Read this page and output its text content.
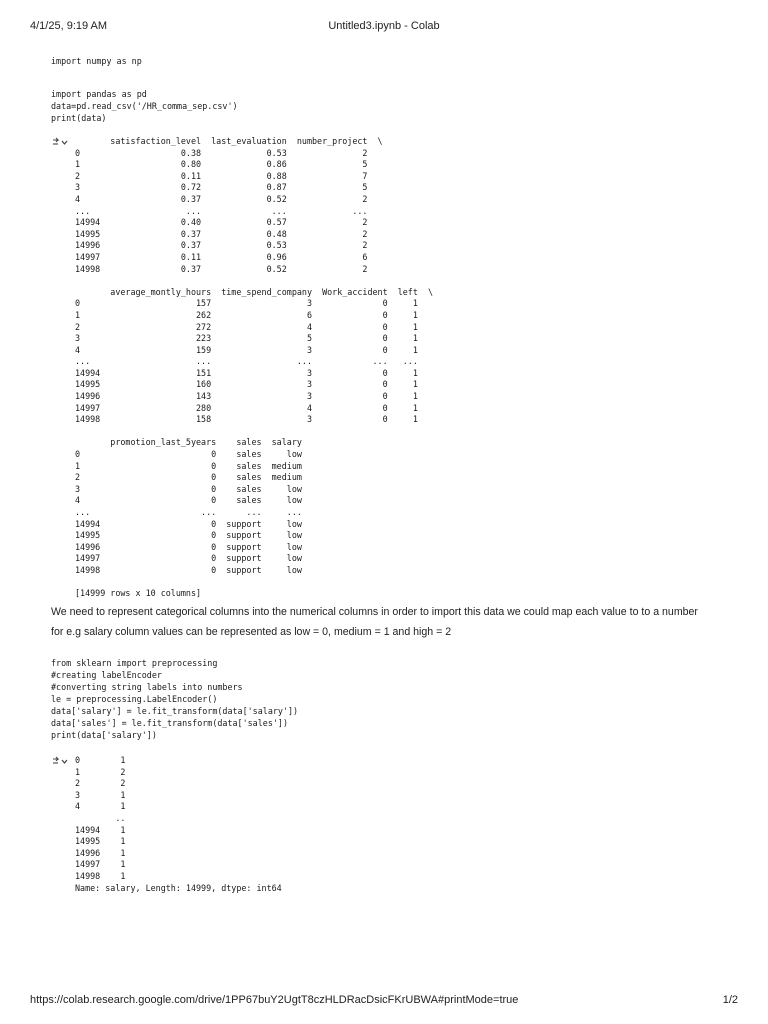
4/1/25, 9:19 AM	Untitled3.ipynb - Colab
import numpy as np
import pandas as pd
data=pd.read_csv('/HR_comma_sep.csv')
print(data)
satisfaction_level  last_evaluation  number_project  \
0                    0.38             0.53               2
1                    0.80             0.86               5
2                    0.11             0.88               7
3                    0.72             0.87               5
4                    0.37             0.52               2
...                   ...              ...             ...
14994                0.40             0.57               2
14995                0.37             0.48               2
14996                0.37             0.53               2
14997                0.11             0.96               6
14998                0.37             0.52               2

average_montly_hours  time_spend_company  Work_accident  left  \
0                       157                   3              0     1
1                       262                   6              0     1
2                       272                   4              0     1
3                       223                   5              0     1
4                       159                   3              0     1
...                     ...                 ...            ...   ...
14994                   151                   3              0     1
14995                   160                   3              0     1
14996                   143                   3              0     1
14997                   280                   4              0     1
14998                   158                   3              0     1

promotion_last_5years    sales  salary
0                          0    sales     low
1                          0    sales  medium
2                          0    sales  medium
3                          0    sales     low
4                          0    sales     low
...                      ...      ...     ...
14994                      0  support     low
14995                      0  support     low
14996                      0  support     low
14997                      0  support     low
14998                      0  support     low

[14999 rows x 10 columns]

We need to represent categorical columns into the numerical columns in order to import this data we could map each value to to a number

for e.g salary column values can be represented as low = 0, medium = 1 and high = 2

from sklearn import preprocessing
#creating labelEncoder
#converting string labels into numbers
le = preprocessing.LabelEncoder()
data['salary'] = le.fit_transform(data['salary'])
data['sales'] = le.fit_transform(data['sales'])
print(data['salary'])
0        1
1        2
2        2
3        1
4        1
..
14994    1
14995    1
14996    1
14997    1
14998    1
Name: salary, Length: 14999, dtype: int64
https://colab.research.google.com/drive/1PP67buY2UgtT8czHLDRacDsicFKrUBWA#printMode=true	1/2
